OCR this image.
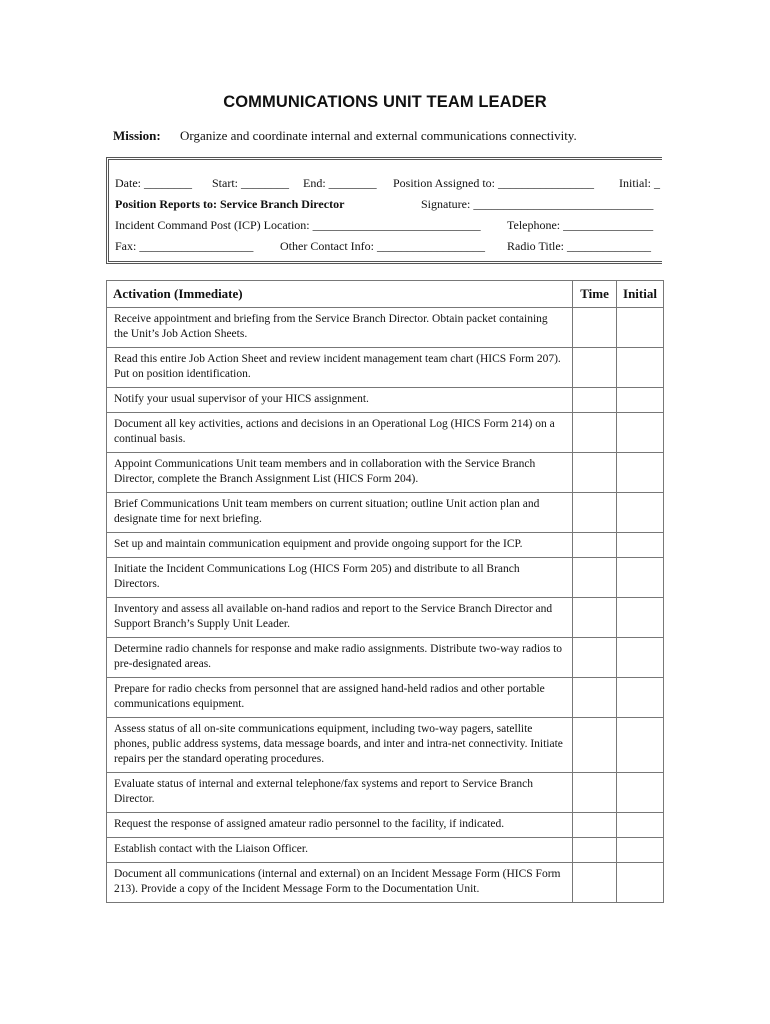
COMMUNICATIONS UNIT TEAM LEADER
Mission: Organize and coordinate internal and external communications connectivity.
Date: ________ Start: ________ End: ________ Position Assigned to: ________________ Initial: _
Position Reports to: Service Branch Director	Signature: ______________________________
Incident Command Post (ICP) Location: ____________________________ Telephone: _______________
Fax: ___________________ Other Contact Info: __________________ Radio Title: ______________
Activation (Immediate)	Time	Initial
Receive appointment and briefing from the Service Branch Director. Obtain packet containing the Unit’s Job Action Sheets.		
Read this entire Job Action Sheet and review incident management team chart (HICS Form 207). Put on position identification.		
Notify your usual supervisor of your HICS assignment.		
Document all key activities, actions and decisions in an Operational Log (HICS Form 214) on a continual basis.		
Appoint Communications Unit team members and in collaboration with the Service Branch Director, complete the Branch Assignment List (HICS Form 204).		
Brief Communications Unit team members on current situation; outline Unit action plan and designate time for next briefing.		
Set up and maintain communication equipment and provide ongoing support for the ICP.		
Initiate the Incident Communications Log (HICS Form 205) and distribute to all Branch Directors.		
Inventory and assess all available on-hand radios and report to the Service Branch Director and Support Branch’s Supply Unit Leader.		
Determine radio channels for response and make radio assignments. Distribute two-way radios to pre-designated areas.		
Prepare for radio checks from personnel that are assigned hand-held radios and other portable communications equipment.		
Assess status of all on-site communications equipment, including two-way pagers, satellite phones, public address systems, data message boards, and inter and intra-net connectivity. Initiate repairs per the standard operating procedures.		
Evaluate status of internal and external telephone/fax systems and report to Service Branch Director.		
Request the response of assigned amateur radio personnel to the facility, if indicated.		
Establish contact with the Liaison Officer.		
Document all communications (internal and external) on an Incident Message Form (HICS Form 213). Provide a copy of the Incident Message Form to the Documentation Unit.		
